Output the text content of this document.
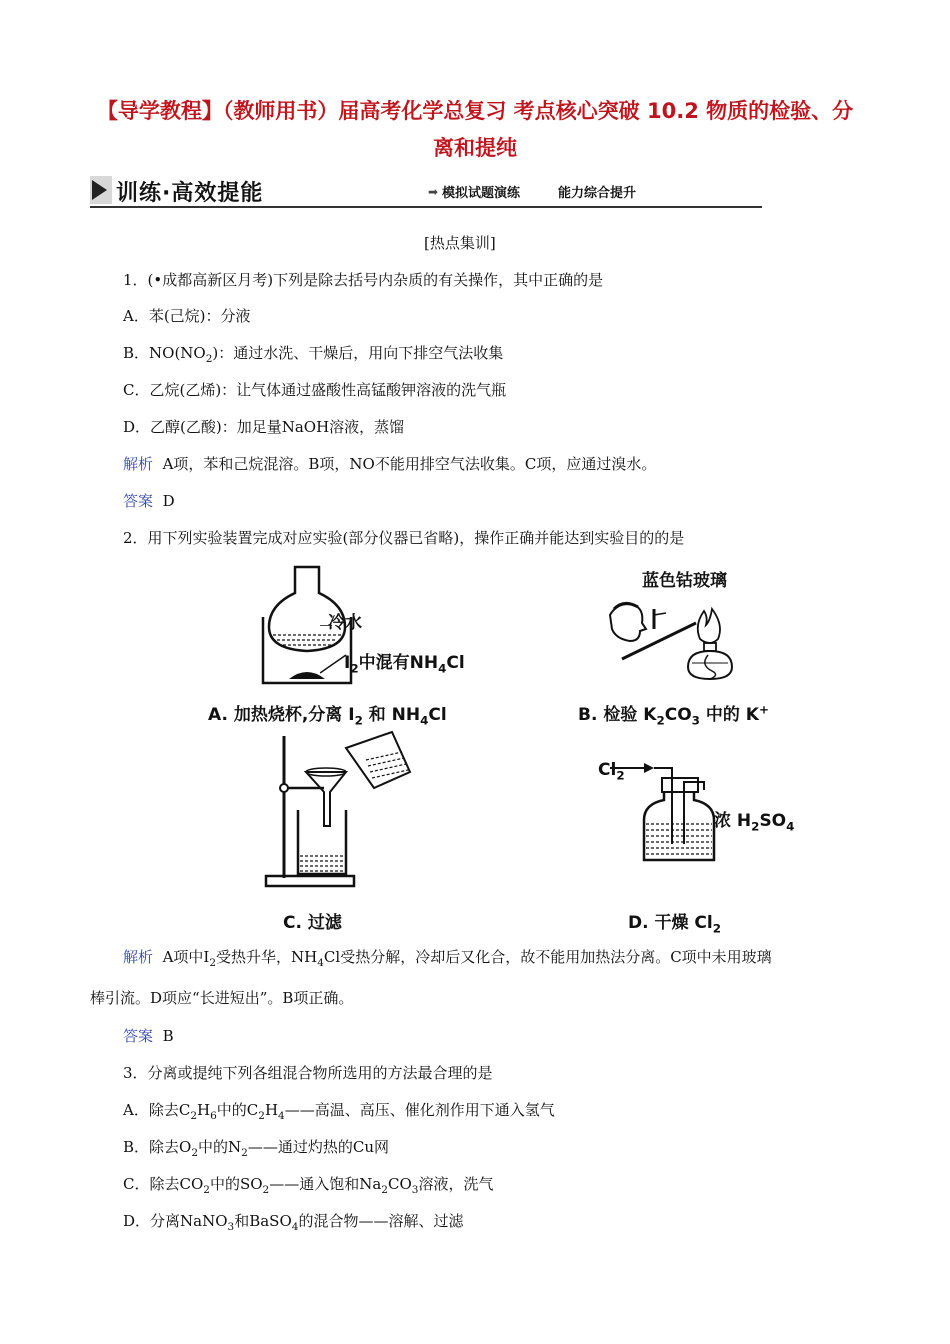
【导学教程】（教师用书）届高考化学总复习 考点核心突破 10.2 物质的检验、分离和提纯
训练·高效提能	➡ 模拟试题演练	能力综合提升
[热点集训]
1．(•成都高新区月考)下列是除去括号内杂质的有关操作，其中正确的是
A．苯(己烷)：分液
B．$NO(NO_2)$：通过水洗、干燥后，用向下排空气法收集
C．乙烷(乙烯)：让气体通过盛酸性高锰酸钾溶液的洗气瓶
D．乙醇(乙酸)：加足量NaOH溶液，蒸馏
解析 A项，苯和己烷混溶。B项，NO不能用排空气法收集。C项，应通过溴水。
答案 D
2．用下列实验装置完成对应实验(部分仪器已省略)，操作正确并能达到实验目的的是
冷水
$I_2$中混有$NH_4Cl$
A. 加热烧杯,分离 $I_2$ 和 $NH_4Cl$
蓝色钴玻璃
B. 检验 $K_2CO_3$ 中的 K+
C. 过滤
$Cl_2$
浓 $H_2SO_4$
D. 干燥 $Cl_2$
解析 A项中$I_2$受热升华，$NH_4Cl$受热分解，冷却后又化合，故不能用加热法分离。C项中未用玻璃
棒引流。D项应“长进短出”。B项正确。
答案 B
3．分离或提纯下列各组混合物所选用的方法最合理的是
A．除去$C_2H_6$中的$C_2H_4——$高温、高压、催化剂作用下通入氢气
B．除去$O_2$中的$N_2——$通过灼热的Cu网
C．除去$CO_2$中的$SO_2——$通入饱和$Na_2CO_3$溶液，洗气
D．分离NaNO$_3$和BaSO$_4$的混合物——溶解、过滤
